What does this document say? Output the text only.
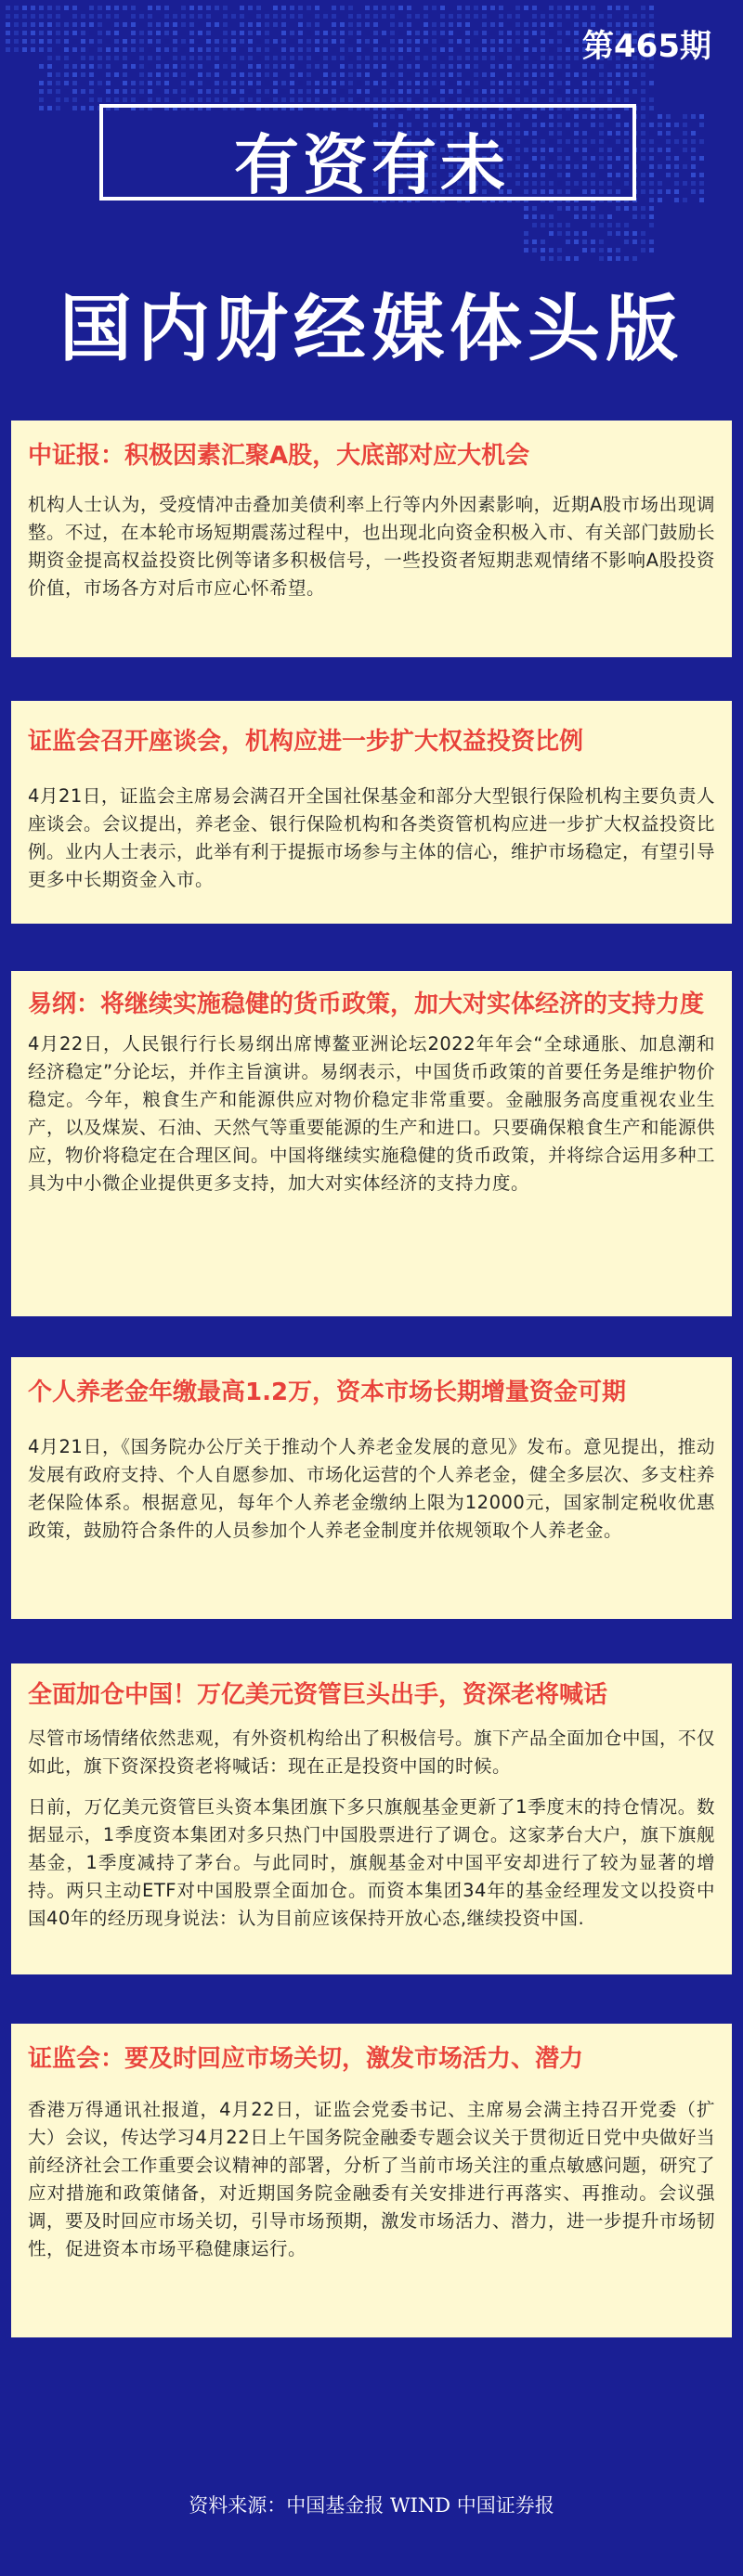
第465期
有资有未
国内财经媒体头版
中证报：积极因素汇聚A股，大底部对应大机会

机构人士认为，受疫情冲击叠加美债利率上行等内外因素影响，近期A股市场出现调整。不过，在本轮市场短期震荡过程中，也出现北向资金积极入市、有关部门鼓励长期资金提高权益投资比例等诸多积极信号，一些投资者短期悲观情绪不影响A股投资价值，市场各方对后市应心怀希望。

证监会召开座谈会，机构应进一步扩大权益投资比例

4月21日，证监会主席易会满召开全国社保基金和部分大型银行保险机构主要负责人座谈会。会议提出，养老金、银行保险机构和各类资管机构应进一步扩大权益投资比例。业内人士表示，此举有利于提振市场参与主体的信心，维护市场稳定，有望引导更多中长期资金入市。

易纲：将继续实施稳健的货币政策，加大对实体经济的支持力度

4月22日，人民银行行长易纲出席博鳌亚洲论坛2022年年会“全球通胀、加息潮和经济稳定”分论坛，并作主旨演讲。易纲表示，中国货币政策的首要任务是维护物价稳定。今年，粮食生产和能源供应对物价稳定非常重要。金融服务高度重视农业生产，以及煤炭、石油、天然气等重要能源的生产和进口。只要确保粮食生产和能源供应，物价将稳定在合理区间。中国将继续实施稳健的货币政策，并将综合运用多种工具为中小微企业提供更多支持，加大对实体经济的支持力度。

个人养老金年缴最高1.2万，资本市场长期增量资金可期

4月21日，《国务院办公厅关于推动个人养老金发展的意见》发布。意见提出，推动发展有政府支持、个人自愿参加、市场化运营的个人养老金，健全多层次、多支柱养老保险体系。根据意见，每年个人养老金缴纳上限为12000元，国家制定税收优惠政策，鼓励符合条件的人员参加个人养老金制度并依规领取个人养老金。

全面加仓中国！万亿美元资管巨头出手，资深老将喊话

尽管市场情绪依然悲观，有外资机构给出了积极信号。旗下产品全面加仓中国，不仅如此，旗下资深投资老将喊话：现在正是投资中国的时候。

日前，万亿美元资管巨头资本集团旗下多只旗舰基金更新了1季度末的持仓情况。数据显示，1季度资本集团对多只热门中国股票进行了调仓。这家茅台大户，旗下旗舰基金，1季度减持了茅台。与此同时，旗舰基金对中国平安却进行了较为显著的增持。两只主动ETF对中国股票全面加仓。而资本集团34年的基金经理发文以投资中国40年的经历现身说法：认为目前应该保持开放心态,继续投资中国.

证监会：要及时回应市场关切，激发市场活力、潜力

香港万得通讯社报道，4月22日，证监会党委书记、主席易会满主持召开党委（扩大）会议，传达学习4月22日上午国务院金融委专题会议关于贯彻近日党中央做好当前经济社会工作重要会议精神的部署，分析了当前市场关注的重点敏感问题，研究了应对措施和政策储备，对近期国务院金融委有关安排进行再落实、再推动。会议强调，要及时回应市场关切，引导市场预期，激发市场活力、潜力，进一步提升市场韧性，促进资本市场平稳健康运行。

资料来源：中国基金报 WIND 中国证券报
